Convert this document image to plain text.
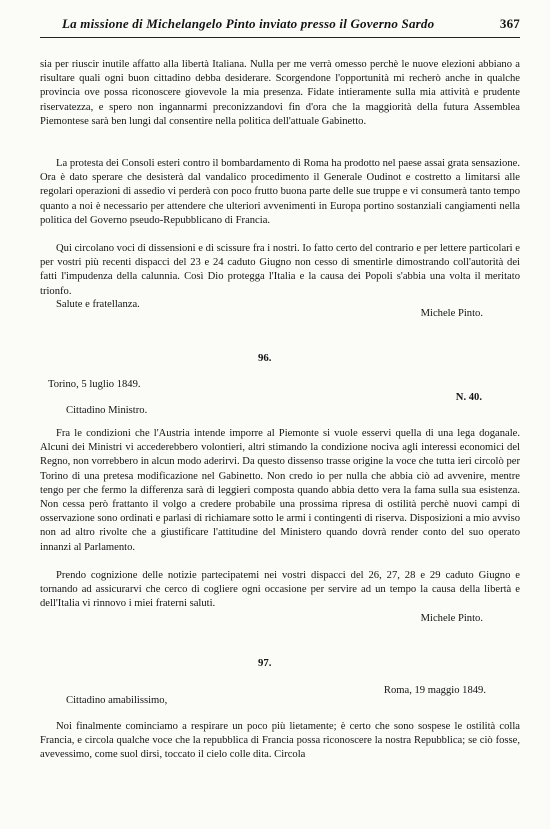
La missione di Michelangelo Pinto inviato presso il Governo Sardo	367

sia per riuscir inutile affatto alla libertà Italiana. Nulla per me verrà omesso perchè le nuove elezioni abbiano a risultare quali ogni buon cittadino debba desiderare. Scorgendone l'opportunità mi recherò anche in qualche provincia ove possa riconoscere giovevole la mia presenza. Fidate intieramente sulla mia attività e prudente riservatezza, e spero non ingannarmi preconizzandovi fin d'ora che la maggiorità della futura Assemblea Piemontese sarà ben lungi dal consentire nella politica dell'attuale Gabinetto.

La protesta dei Consoli esteri contro il bombardamento di Roma ha prodotto nel paese assai grata sensazione. Ora è dato sperare che desisterà dal vandalico procedimento il Generale Oudinot e costretto a limitarsi alle regolari operazioni di assedio vi perderà con poco frutto buona parte delle sue truppe e vi consumerà tanto tempo quanto a noi è necessario per attendere che ulteriori avvenimenti in Europa portino sostanziali cangiamenti nella politica del Governo pseudo-Repubblicano di Francia.

Qui circolano voci di dissensioni e di scissure fra i nostri. Io fatto certo del contrario e per lettere particolari e per vostri più recenti dispacci del 23 e 24 caduto Giugno non cesso di smentirle dimostrando coll'autorità dei fatti l'impudenza della calunnia. Così Dio protegga l'Italia e la causa dei Popoli s'abbia una volta il meritato trionfo.

Salute e fratellanza.

Michele Pinto.
96.
Torino, 5 luglio 1849.
N. 40.
Cittadino Ministro.

Fra le condizioni che l'Austria intende imporre al Piemonte si vuole esservi quella di una lega doganale. Alcuni dei Ministri vi accederebbero volontieri, altri stimando la condizione nociva agli interessi economici del Regno, non vorrebbero in alcun modo aderirvi. Da questo dissenso trasse origine la voce che tutta ieri circolò per Torino di una pretesa modificazione nel Gabinetto. Non credo io per nulla che abbia ciò ad avvenire, mentre tengo per che fermo la differenza sarà di leggieri composta quando abbia detto vera la fama sulla sua esistenza. Non cessa però frattanto il volgo a credere probabile una prossima ripresa di ostilità perchè nuovi campi di osservazione sono ordinati e parlasi di richiamare sotto le armi i contingenti di riserva. Disposizioni a mio avviso non ad altro rivolte che a giustificare l'attitudine del Ministero quando dovrà render conto del suo operato innanzi al Parlamento.

Prendo cognizione delle notizie partecipatemi nei vostri dispacci del 26, 27, 28 e 29 caduto Giugno e tornando ad assicurarvi che cerco di cogliere ogni occasione per servire ad un tempo la causa della libertà e dell'Italia vi rinnovo i miei fraterni saluti.

Michele Pinto.
97.
Roma, 19 maggio 1849.
Cittadino amabilissimo,

Noi finalmente cominciamo a respirare un poco più lietamente; è certo che sono sospese le ostilità colla Francia, e circola qualche voce che la repubblica di Francia possa riconoscere la nostra Repubblica; se ciò fosse, avevessimo, come suol dirsi, toccato il cielo colle dita. Circola
